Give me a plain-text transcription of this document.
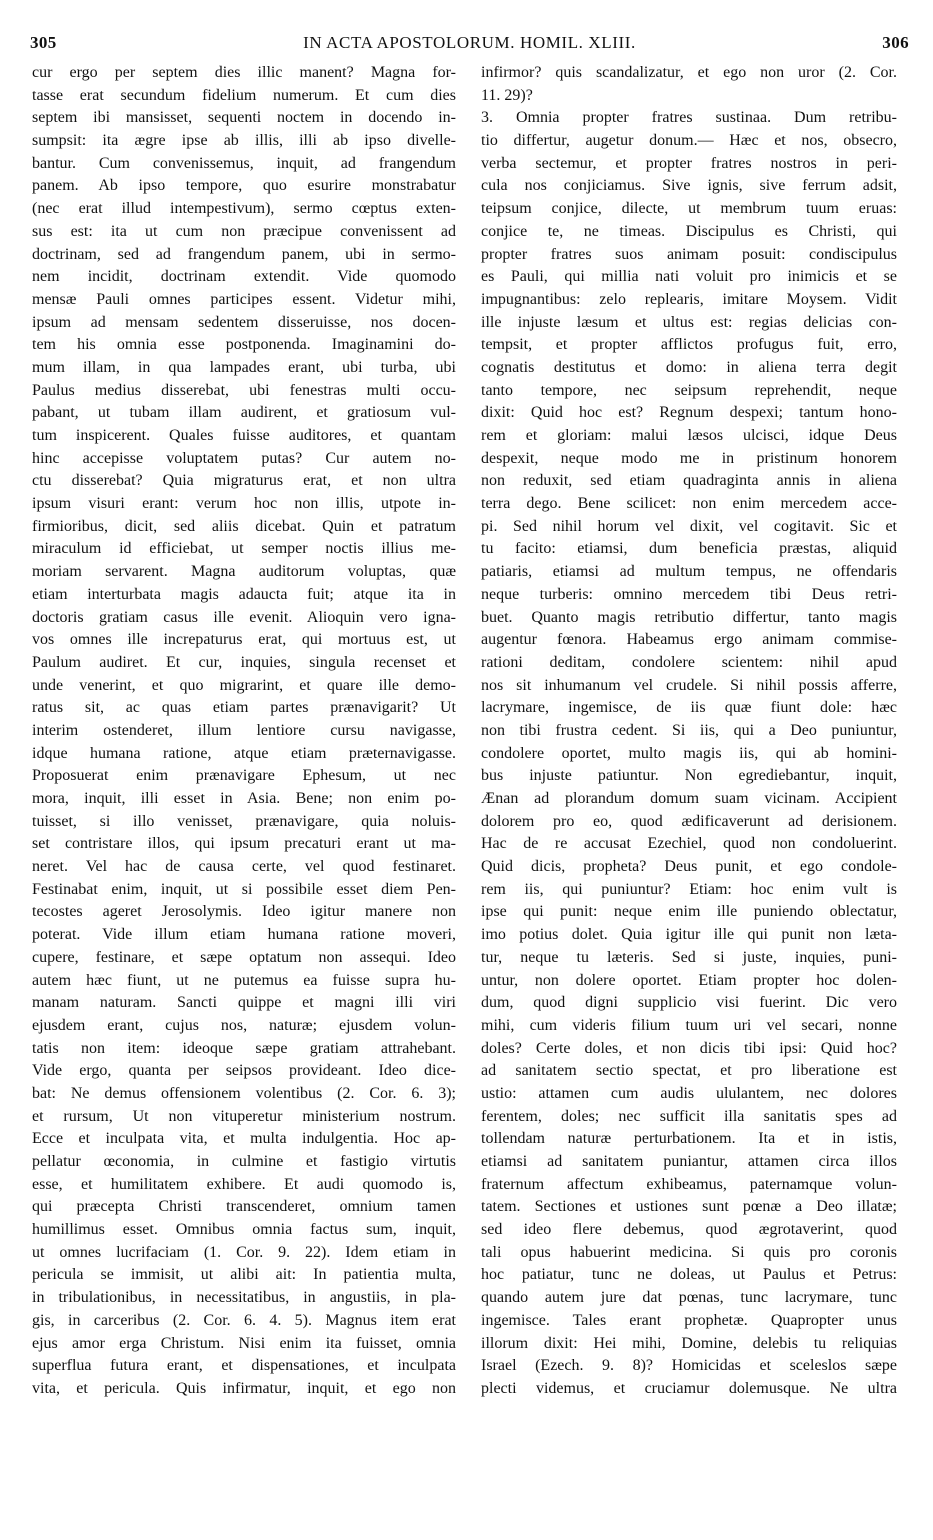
305	IN ACTA APOSTOLORUM. HOMIL. XLIII.	306
cur ergo per septem dies illic manent? Magna for-
tasse erat secundum fidelium numerum. Et cum dies
septem ibi mansisset, sequenti noctem in docendo in-
sumpsit: ita ægre ipse ab illis, illi ab ipso divelle-
bantur. Cum convenissemus, inquit, ad frangendum
panem. Ab ipso tempore, quo esurire monstrabatur
(nec erat illud intempestivum), sermo cœptus exten-
sus est: ita ut cum non præcipue convenissent ad
doctrinam, sed ad frangendum panem, ubi in sermo-
nem incidit, doctrinam extendit. Vide quomodo
mensæ Pauli omnes participes essent. Videtur mihi,
ipsum ad mensam sedentem disseruisse, nos docen-
tem his omnia esse postponenda. Imaginamini do-
mum illam, in qua lampades erant, ubi turba, ubi
Paulus medius disserebat, ubi fenestras multi occu-
pabant, ut tubam illam audirent, et gratiosum vul-
tum inspicerent. Quales fuisse auditores, et quantam
hinc accepisse voluptatem putas? Cur autem no-
ctu disserebat? Quia migraturus erat, et non ultra
ipsum visuri erant: verum hoc non illis, utpote in-
firmioribus, dicit, sed aliis dicebat. Quin et patratum
miraculum id efficiebat, ut semper noctis illius me-
moriam servarent. Magna auditorum voluptas, quæ
etiam interturbata magis adaucta fuit; atque ita in
doctoris gratiam casus ille evenit. Alioquin vero igna-
vos omnes ille increpaturus erat, qui mortuus est, ut
Paulum audiret. Et cur, inquies, singula recenset et
unde venerint, et quo migrarint, et quare ille demo-
ratus sit, ac quas etiam partes prænavigarit? Ut
interim ostenderet, illum lentiore cursu navigasse,
idque humana ratione, atque etiam præternavigasse.
Proposuerat enim prænavigare Ephesum, ut nec
mora, inquit, illi esset in Asia. Bene; non enim po-
tuisset, si illo venisset, prænavigare, quia noluis-
set contristare illos, qui ipsum precaturi erant ut ma-
neret. Vel hac de causa certe, vel quod festinaret.
Festinabat enim, inquit, ut si possibile esset diem Pen-
tecostes ageret Jerosolymis. Ideo igitur manere non
poterat. Vide illum etiam humana ratione moveri,
cupere, festinare, et sæpe optatum non assequi. Ideo
autem hæc fiunt, ut ne putemus ea fuisse supra hu-
manam naturam. Sancti quippe et magni illi viri
ejusdem erant, cujus nos, naturæ; ejusdem volun-
tatis non item: ideoque sæpe gratiam attrahebant.
Vide ergo, quanta per seipsos provideant. Ideo dice-
bat: Ne demus offensionem volentibus (2. Cor. 6. 3);
et rursum, Ut non vituperetur ministerium nostrum.
Ecce et inculpata vita, et multa indulgentia. Hoc ap-
pellatur œconomia, in culmine et fastigio virtutis
esse, et humilitatem exhibere. Et audi quomodo is,
qui præcepta Christi transcenderet, omnium tamen
humillimus esset. Omnibus omnia factus sum, inquit,
ut omnes lucrifaciam (1. Cor. 9. 22). Idem etiam in
pericula se immisit, ut alibi ait: In patientia multa,
in tribulationibus, in necessitatibus, in angustiis, in pla-
gis, in carceribus (2. Cor. 6. 4. 5). Magnus item erat
ejus amor erga Christum. Nisi enim ita fuisset, omnia
superflua futura erant, et dispensationes, et inculpata
vita, et pericula. Quis infirmatur, inquit, et ego non
infirmor? quis scandalizatur, et ego non uror (2. Cor.
11. 29)?
3. Omnia propter fratres sustinaa. Dum retribu-
tio differtur, augetur donum.— Hæc et nos, obsecro,
verba sectemur, et propter fratres nostros in peri-
cula nos conjiciamus. Sive ignis, sive ferrum adsit,
teipsum conjice, dilecte, ut membrum tuum eruas:
conjice te, ne timeas. Discipulus es Christi, qui
propter fratres suos animam posuit: condiscipulus
es Pauli, qui millia nati voluit pro inimicis et se
impugnantibus: zelo replearis, imitare Moysem. Vidit
ille injuste læsum et ultus est: regias delicias con-
tempsit, et propter afflictos profugus fuit, erro,
cognatis destitutus et domo: in aliena terra degit
tanto tempore, nec seipsum reprehendit, neque
dixit: Quid hoc est? Regnum despexi; tantum hono-
rem et gloriam: malui læsos ulcisci, idque Deus
despexit, neque modo me in pristinum honorem
non reduxit, sed etiam quadraginta annis in aliena
terra dego. Bene scilicet: non enim mercedem acce-
pi. Sed nihil horum vel dixit, vel cogitavit. Sic et
tu facito: etiamsi, dum beneficia præstas, aliquid
patiaris, etiamsi ad multum tempus, ne offendaris
neque turberis: omnino mercedem tibi Deus retri-
buet. Quanto magis retributio differtur, tanto magis
augentur fœnora. Habeamus ergo animam commise-
rationi deditam, condolere scientem: nihil apud
nos sit inhumanum vel crudele. Si nihil possis afferre,
lacrymare, ingemisce, de iis quæ fiunt dole: hæc
non tibi frustra cedent. Si iis, qui a Deo puniuntur,
condolere oportet, multo magis iis, qui ab homini-
bus injuste patiuntur. Non egrediebantur, inquit,
Ænan ad plorandum domum suam vicinam. Accipient
dolorem pro eo, quod ædificaverunt ad derisionem.
Hac de re accusat Ezechiel, quod non condoluerint.
Quid dicis, propheta? Deus punit, et ego condole-
rem iis, qui puniuntur? Etiam: hoc enim vult is
ipse qui punit: neque enim ille puniendo oblectatur,
imo potius dolet. Quia igitur ille qui punit non læta-
tur, neque tu læteris. Sed si juste, inquies, puni-
untur, non dolere oportet. Etiam propter hoc dolen-
dum, quod digni supplicio visi fuerint. Dic vero
mihi, cum videris filium tuum uri vel secari, nonne
doles? Certe doles, et non dicis tibi ipsi: Quid hoc?
ad sanitatem sectio spectat, et pro liberatione est
ustio: attamen cum audis ululantem, nec dolores
ferentem, doles; nec sufficit illa sanitatis spes ad
tollendam naturæ perturbationem. Ita et in istis,
etiamsi ad sanitatem puniantur, attamen circa illos
fraternum affectum exhibeamus, paternamque volun-
tatem. Sectiones et ustiones sunt pœnæ a Deo illatæ;
sed ideo flere debemus, quod ægrotaverint, quod
tali opus habuerint medicina. Si quis pro coronis
hoc patiatur, tunc ne doleas, ut Paulus et Petrus:
quando autem jure dat pœnas, tunc lacrymare, tunc
ingemisce. Tales erant prophetæ. Quapropter unus
illorum dixit: Hei mihi, Domine, delebis tu reliquias
Israel (Ezech. 9. 8)? Homicidas et sceleslos sæpe
plecti videmus, et cruciamur dolemusque. Ne ultra
